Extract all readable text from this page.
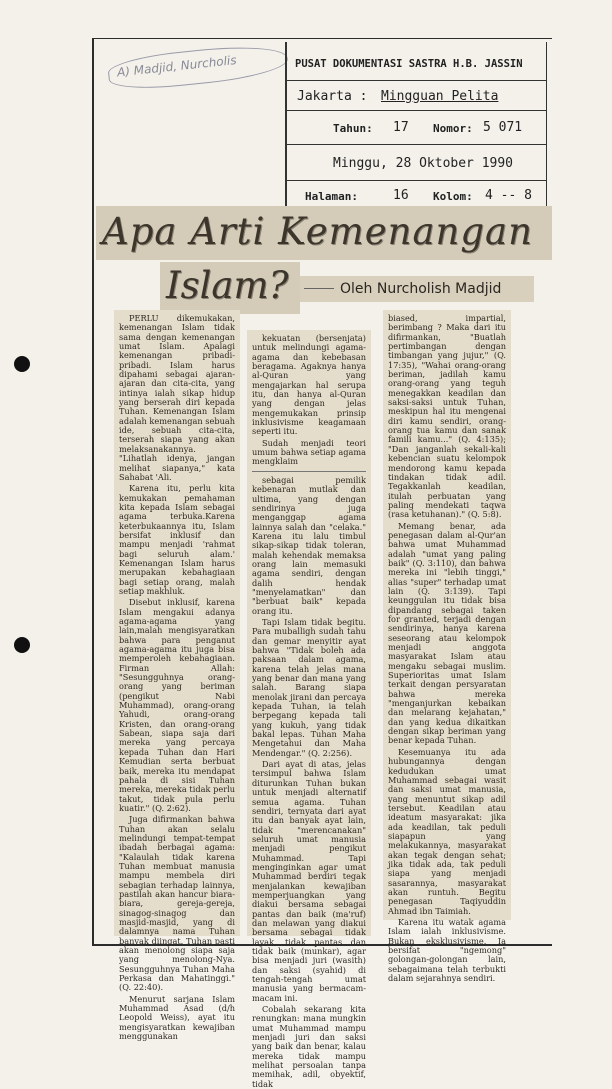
A) Madjid, Nurcholis	PUSAT DOKUMENTASI SASTRA H.B. JASSIN
Jakarta : Mingguan Pelita
Tahun: 17 Nomor: 5 071
Minggu, 28 Oktober 1990
Halaman:	16 Kolom: 4 -- 8
Apa Arti Kemenangan
Islam?	Oleh Nurcholish Madjid

PERLU dikemukakan, kemenangan Islam tidak sama dengan kemenangan umat Islam. Apalagi kemenangan pribadi-pribadi. Islam harus dipahami sebagai ajaran-ajaran dan cita-cita, yang intinya ialah sikap hidup yang berserah diri kepada Tuhan. Kemenangan Islam adalah kemenangan sebuah ide, sebuah cita-cita, terserah siapa yang akan melaksanakannya. "Lihatlah idenya, jangan melihat siapanya," kata Sahabat 'Ali.

Karena itu, perlu kita kemukakan pemahaman kita kepada Islam sebagai agama terbuka.Karena keterbukaannya itu, Islam bersifat inklusif dan mampu menjadi 'rahmat bagi seluruh alam.' Kemenangan Islam harus merupakan kebahagiaan bagi setiap orang, malah setiap makhluk.

Disebut inklusif, karena Islam mengakui adanya agama-agama yang lain,malah mengisyaratkan bahwa para penganut agama-agama itu juga bisa memperoleh kebahagiaan. Firman Allah: "Sesungguhnya orang-orang yang beriman (pengikut Nabi Muhammad), orang-orang Yahudi, orang-orang Kristen, dan orang-orang Sabean, siapa saja dari mereka yang percaya kepada Tuhan dan Hari Kemudian serta berbuat baik, mereka itu mendapat pahala di sisi Tuhan mereka, mereka tidak perlu takut, tidak pula perlu kuatir." (Q. 2:62).

Juga difirmankan bahwa Tuhan akan selalu melindungi tempat-tempat ibadah berbagai agama: "Kalaulah tidak karena Tuhan membuat manusia mampu membela diri sebagian terhadap lainnya, pastilah akan hancur biara-biara, gereja-gereja, sinagog-sinagog dan masjid-masjid, yang di dalamnya nama Tuhan banyak diingat. Tuhan pasti akan menolong siapa saja yang menolong-Nya. Sesungguhnya Tuhan Maha Perkasa dan Mahatinggi." (Q. 22:40).

Menurut sarjana Islam Muhammad Asad (d/h Leopold Weiss), ayat itu mengisyaratkan kewajiban menggunakan

kekuatan (bersenjata) untuk melindungi agama-agama dan kebebasan beragama. Agaknya hanya al-Quran yang mengajarkan hal serupa itu, dan hanya al-Quran yang dengan jelas mengemukakan prinsip inklusivisme keagamaan seperti itu.

Sudah menjadi teori umum bahwa setiap agama mengklaim

sebagai pemilik kebenaran mutlak dan ultima, yang dengan sendirinya juga menganggap agama lainnya salah dan "celaka." Karena itu lalu timbul sikap-sikap tidak toleran, malah kehendak memaksa orang lain memasuki agama sendiri, dengan dalih hendak "menyelamatkan" dan "berbuat baik" kepada orang itu.

Tapi Islam tidak begitu. Para muballigh sudah tahu dan gemar menyitir ayat bahwa "Tidak boleh ada paksaan dalam agama, karena telah jelas mana yang benar dan mana yang salah. Barang siapa menolak jirani dan percaya kepada Tuhan, ia telah berpegang kepada tali yang kukuh, yang tidak bakal lepas. Tuhan Maha Mengetahui dan Maha Mendengar." (Q. 2:256).

Dari ayat di atas, jelas tersimpul bahwa Islam diturunkan Tuhan bukan untuk menjadi alternatif semua agama. Tuhan sendiri, ternyata dari ayat itu dan banyak ayat lain, tidak "merencanakan" seluruh umat manusia menjadi pengikut Muhammad. Tapi menginginkan agar umat Muhammad berdiri tegak menjalankan kewajiban memperjuangkan yang diakui bersama sebagai pantas dan baik (ma'ruf) dan melawan yang diakui bersama sebagai tidak layak, tidak pantas dan tidak baik (munkar), agar bisa menjadi juri (wasith) dan saksi (syahid) di tengah-tengah umat manusia yang bermacam-macam ini.

Cobalah sekarang kita renungkan: mana mungkin umat Muhammad mampu menjadi juri dan saksi yang baik dan benar, kalau mereka tidak mampu melihat persoalan tanpa memihak, adil, obyektif, tidak

biased, impartial, berimbang ? Maka dari itu difirmankan, "Buatlah pertimbangan dengan timbangan yang jujur," (Q. 17:35), "Wahai orang-orang beriman, jadilah kamu orang-orang yang teguh menegakkan keadilan dan saksi-saksi untuk Tuhan, meskipun hal itu mengenai diri kamu sendiri, orang-orang tua kamu dan sanak famili kamu..." (Q. 4:135); "Dan janganlah sekali-kali kebencian suatu kelompok mendorong kamu kepada tindakan tidak adil. Tegakkanlah keadilan, itulah perbuatan yang paling mendekati taqwa (rasa ketuhanan)." (Q. 5:8).

Memang benar, ada penegasan dalam al-Qur'an bahwa umat Muhammad adalah "umat yang paling baik" (Q. 3:110), dan bahwa mereka ini "lebih tinggi," alias "super" terhadap umat lain (Q. 3:139). Tapi keunggulan itu tidak bisa dipandang sebagai taken for granted, terjadi dengan sendirinya, hanya karena seseorang atau kelompok menjadi anggota masyarakat Islam atau mengaku sebagai muslim. Superioritas umat Islam terkait dengan persyaratan bahwa mereka "menganjurkan kebaikan dan melarang kejahatan," dan yang kedua dikaitkan dengan sikap beriman yang benar kepada Tuhan.

Kesemuanya itu ada hubungannya dengan kedudukan umat Muhammad sebagai wasit dan saksi umat manusia, yang menuntut sikap adil tersebut. Keadilan atau ideatum masyarakat: jika ada keadilan, tak peduli siapapun yang melakukannya, masyarakat akan tegak dengan sehat; jika tidak ada, tak peduli siapa yang menjadi sasarannya, masyarakat akan runtuh. Begitu penegasan Taqiyuddin Ahmad ibn Taimiah.

Karena itu watak agama Islam ialah inklusivisme. Bukan eksklusivisme. Ia bersifat "ngemong" golongan-golongan lain, sebagaimana telah terbukti dalam sejarahnya sendiri.
